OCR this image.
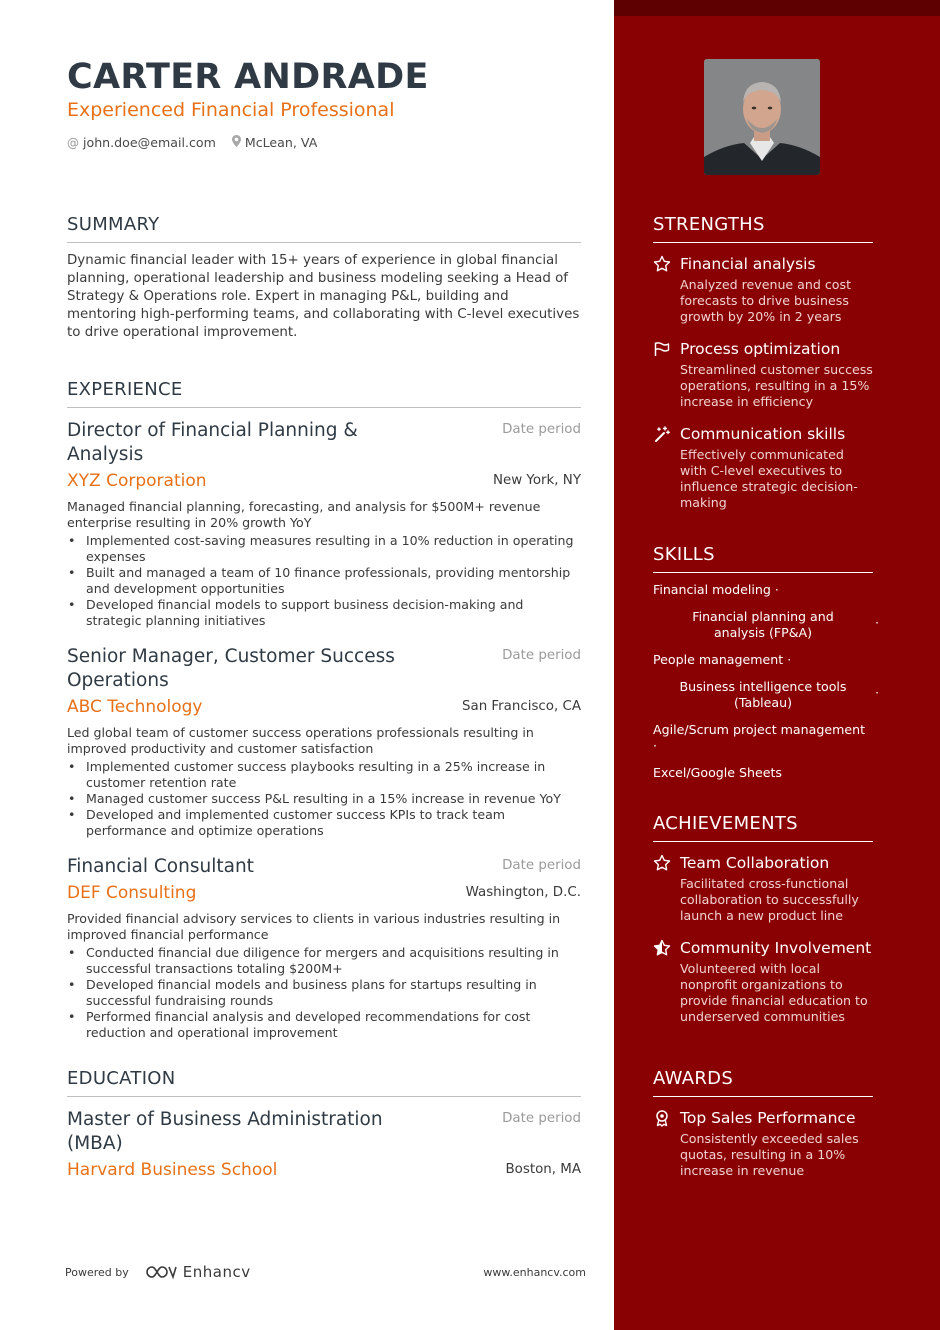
CARTER ANDRADE
Experienced Financial Professional
@ john.doe@email.com McLean, VA
SUMMARY
Dynamic financial leader with 15+ years of experience in global financial planning, operational leadership and business modeling seeking a Head of Strategy & Operations role. Expert in managing P&L, building and mentoring high-performing teams, and collaborating with C-level executives to drive operational improvement.
EXPERIENCE
Director of Financial Planning & Analysis
Date period
XYZ Corporation	New York, NY
Managed financial planning, forecasting, and analysis for $500M+ revenue enterprise resulting in 20% growth YoY
• Implemented cost-saving measures resulting in a 10% reduction in operating expenses
• Built and managed a team of 10 finance professionals, providing mentorship and development opportunities
• Developed financial models to support business decision-making and strategic planning initiatives
Senior Manager, Customer Success Operations
Date period
ABC Technology	San Francisco, CA
Led global team of customer success operations professionals resulting in improved productivity and customer satisfaction
• Implemented customer success playbooks resulting in a 25% increase in customer retention rate
• Managed customer success P&L resulting in a 15% increase in revenue YoY
• Developed and implemented customer success KPIs to track team performance and optimize operations
Financial Consultant	Date period
DEF Consulting	Washington, D.C.
Provided financial advisory services to clients in various industries resulting in improved financial performance
• Conducted financial due diligence for mergers and acquisitions resulting in successful transactions totaling $200M+
• Developed financial models and business plans for startups resulting in successful fundraising rounds
• Performed financial analysis and developed recommendations for cost reduction and operational improvement
EDUCATION
Master of Business Administration (MBA)
Date period
Harvard Business School	Boston, MA
Powered by	Enhancv	www.enhancv.com
STRENGTHS
Financial analysis
Analyzed revenue and cost forecasts to drive business growth by 20% in 2 years
Process optimization
Streamlined customer success operations, resulting in a 15% increase in efficiency
Communication skills
Effectively communicated with C-level executives to influence strategic decision-making
SKILLS
Financial modeling ·
Financial planning and analysis (FP&A)
·
People management ·
Business intelligence tools (Tableau)
·
Agile/Scrum project management ·
Excel/Google Sheets
ACHIEVEMENTS
Team Collaboration
Facilitated cross-functional collaboration to successfully launch a new product line
Community Involvement
Volunteered with local nonprofit organizations to provide financial education to underserved communities
AWARDS
Top Sales Performance
Consistently exceeded sales quotas, resulting in a 10% increase in revenue
